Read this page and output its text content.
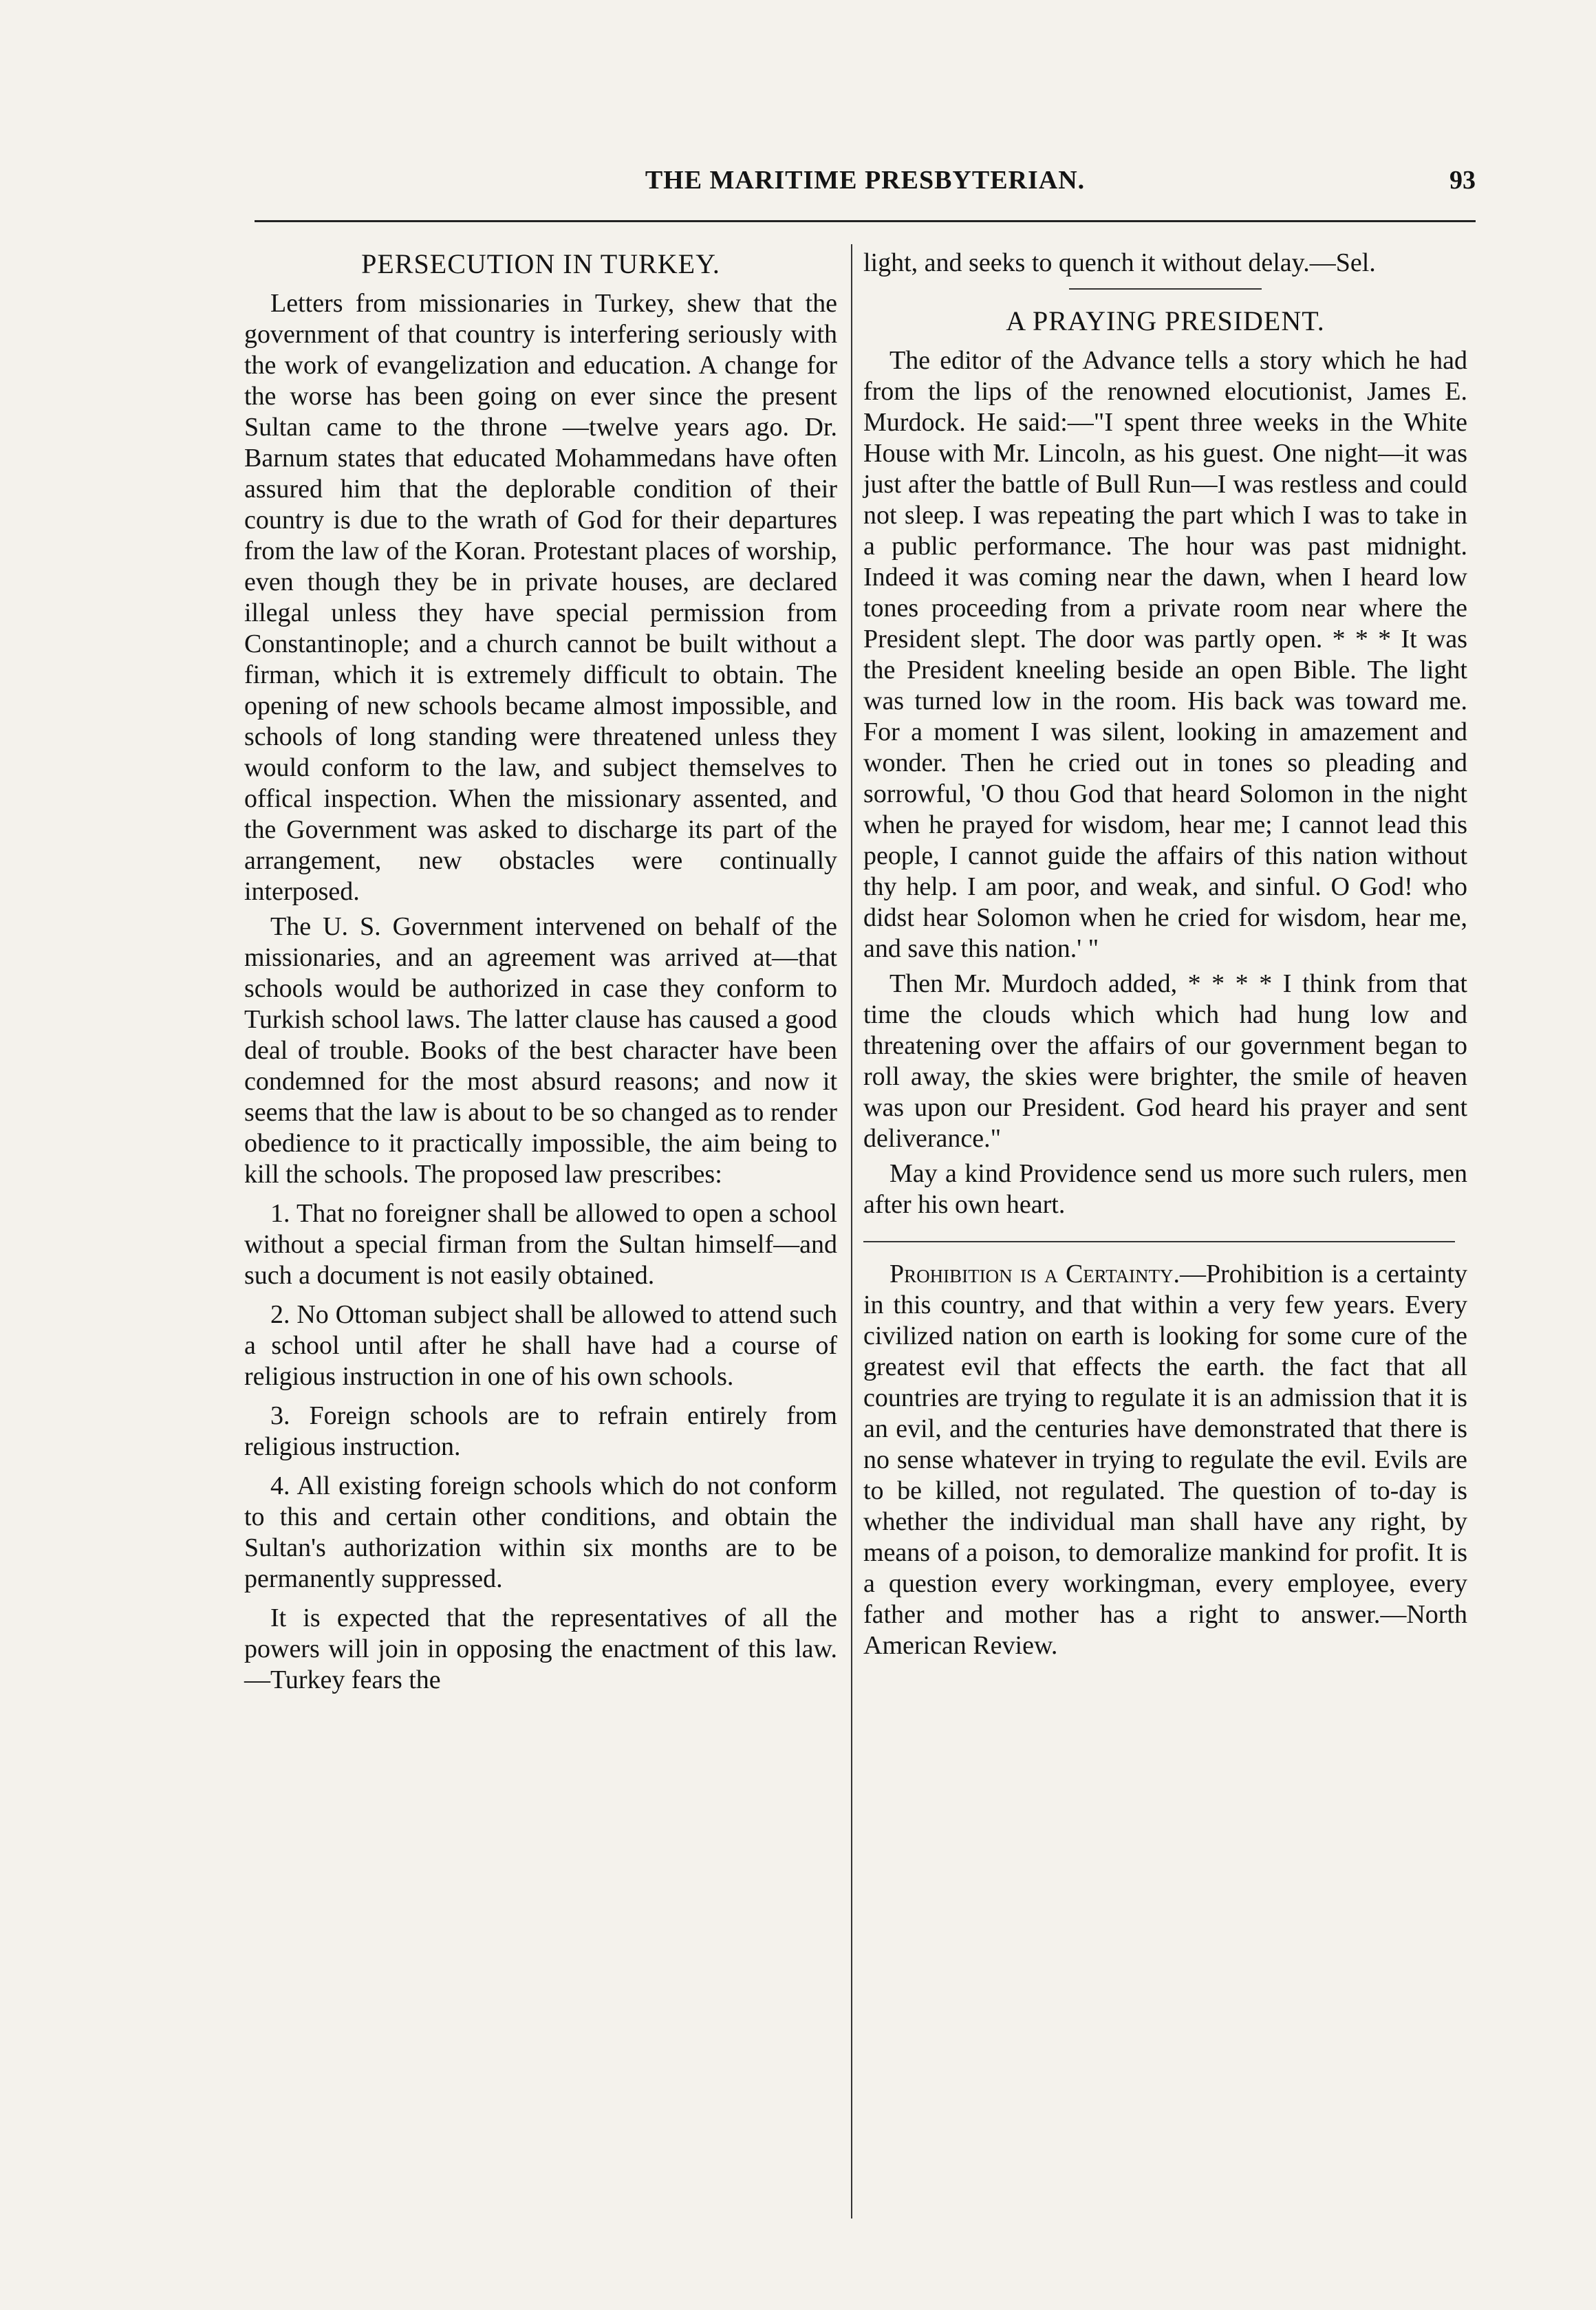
THE MARITIME PRESBYTERIAN.	93
PERSECUTION IN TURKEY.

Letters from missionaries in Turkey, shew that the government of that country is interfering seriously with the work of evangelization and education. A change for the worse has been going on ever since the present Sultan came to the throne —twelve years ago. Dr. Barnum states that educated Mohammedans have often assured him that the deplorable condition of their country is due to the wrath of God for their departures from the law of the Koran. Protestant places of worship, even though they be in private houses, are declared illegal unless they have special permission from Constantinople; and a church cannot be built without a firman, which it is extremely difficult to obtain. The opening of new schools became almost impossible, and schools of long standing were threatened unless they would conform to the law, and subject themselves to offical inspection. When the missionary assented, and the Government was asked to discharge its part of the arrangement, new obstacles were continually interposed.

The U. S. Government intervened on behalf of the missionaries, and an agreement was arrived at—that schools would be authorized in case they conform to Turkish school laws. The latter clause has caused a good deal of trouble. Books of the best character have been condemned for the most absurd reasons; and now it seems that the law is about to be so changed as to render obedience to it practically impossible, the aim being to kill the schools. The proposed law prescribes:

1. That no foreigner shall be allowed to open a school without a special firman from the Sultan himself—and such a document is not easily obtained.

2. No Ottoman subject shall be allowed to attend such a school until after he shall have had a course of religious instruction in one of his own schools.

3. Foreign schools are to refrain entirely from religious instruction.

4. All existing foreign schools which do not conform to this and certain other conditions, and obtain the Sultan's authorization within six months are to be permanently suppressed.

It is expected that the representatives of all the powers will join in opposing the enactment of this law.—Turkey fears the

light, and seeks to quench it without delay.—Sel.

A PRAYING PRESIDENT.

The editor of the Advance tells a story which he had from the lips of the renowned elocutionist, James E. Murdock. He said:—"I spent three weeks in the White House with Mr. Lincoln, as his guest. One night—it was just after the battle of Bull Run—I was restless and could not sleep. I was repeating the part which I was to take in a public performance. The hour was past midnight. Indeed it was coming near the dawn, when I heard low tones proceeding from a private room near where the President slept. The door was partly open. * * * It was the President kneeling beside an open Bible. The light was turned low in the room. His back was toward me. For a moment I was silent, looking in amazement and wonder. Then he cried out in tones so pleading and sorrowful, 'O thou God that heard Solomon in the night when he prayed for wisdom, hear me; I cannot lead this people, I cannot guide the affairs of this nation without thy help. I am poor, and weak, and sinful. O God! who didst hear Solomon when he cried for wisdom, hear me, and save this nation.' "

Then Mr. Murdoch added, * * * * I think from that time the clouds which which had hung low and threatening over the affairs of our government began to roll away, the skies were brighter, the smile of heaven was upon our President. God heard his prayer and sent deliverance."

May a kind Providence send us more such rulers, men after his own heart.

Prohibition is a Certainty.—Prohibition is a certainty in this country, and that within a very few years. Every civilized nation on earth is looking for some cure of the greatest evil that effects the earth. the fact that all countries are trying to regulate it is an admission that it is an evil, and the centuries have demonstrated that there is no sense whatever in trying to regulate the evil. Evils are to be killed, not regulated. The question of to-day is whether the individual man shall have any right, by means of a poison, to demoralize mankind for profit. It is a question every workingman, every employee, every father and mother has a right to answer.—North American Review.
